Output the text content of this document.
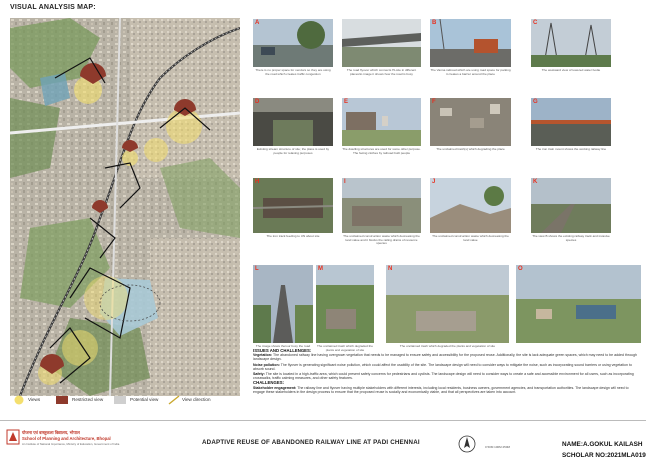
VISUAL ANALYSIS MAP:
Views	Restricted view	Potential view	View direction
A
There is no proper space for vendors so they are using the road which creates traffic congestion
The road flyover which connects Hi-site in different places/to image it shows how the road is busy
B
The Vanna railroad which are using road space for parking it creates a barrier around the place
C
The westward view of towered water bodie
D
Existing stream structure of site; the place is used by people for relaxing purposes
E
The dwelling structures are used for some other purpose. The facing clothes by railroad built people
F
The unclaimed trash(s) which degrading the place
G
The iron train mount shows the working railway line
H
The iron track feeding to UN about site
I
The unclaimed construction waste which decreasing the land value and it blocks the railing drains of resource species
J
The unclaimed construction waste which decreasing the land value
K
The view B shows the existing railway track and invasive species
L
The image shows the/our busy the road
M
The unclaimed trash which degraded the plants and vegetation of site
N
The unclaimed trash which degraded the plants and vegetation of site
O
ISSUES AND CHALLENGES:

Vegetation: The abandoned railway line having overgrown vegetation that needs to be managed to ensure safety and accessibility for the proposed reuse. Additionally, the site is lack adequate green spaces, which may need to be added through landscape design.

Noise pollution: The flyover is generating significant noise pollution, which could affect the usability of the site. The landscape design will need to consider ways to mitigate the noise, such as incorporating sound barriers or using vegetation to absorb sound.

Safety: The site is located in a high-traffic area, which could present safety concerns for pedestrians and cyclists. The landscape design will need to consider ways to create a safe and accessible environment for all users, such as incorporating crosswalks, traffic calming measures, and other safety features.

CHALLENGES:

Stakeholder engagement: The railway line and flyover having multiple stakeholders with different interests, including local residents, business owners, government agencies, and transportation authorities. The landscape design will need to engage these stakeholders in the design process to ensure that the proposed reuse is socially and economically viable, and that all perspectives are taken into account.

योजना एवं वास्तुकला विद्यालय, भोपाल
School of Planning and Architecture, Bhopal
An Institute of National Importance, Ministry of Education, Government of India	ADAPTIVE REUSE OF ABANDONED RAILWAY LINE AT PADI CHENNAI
0 50M 100M 250M	NAME:A.GOKUL KAILASH
SCHOLAR NO:2021MLA019
